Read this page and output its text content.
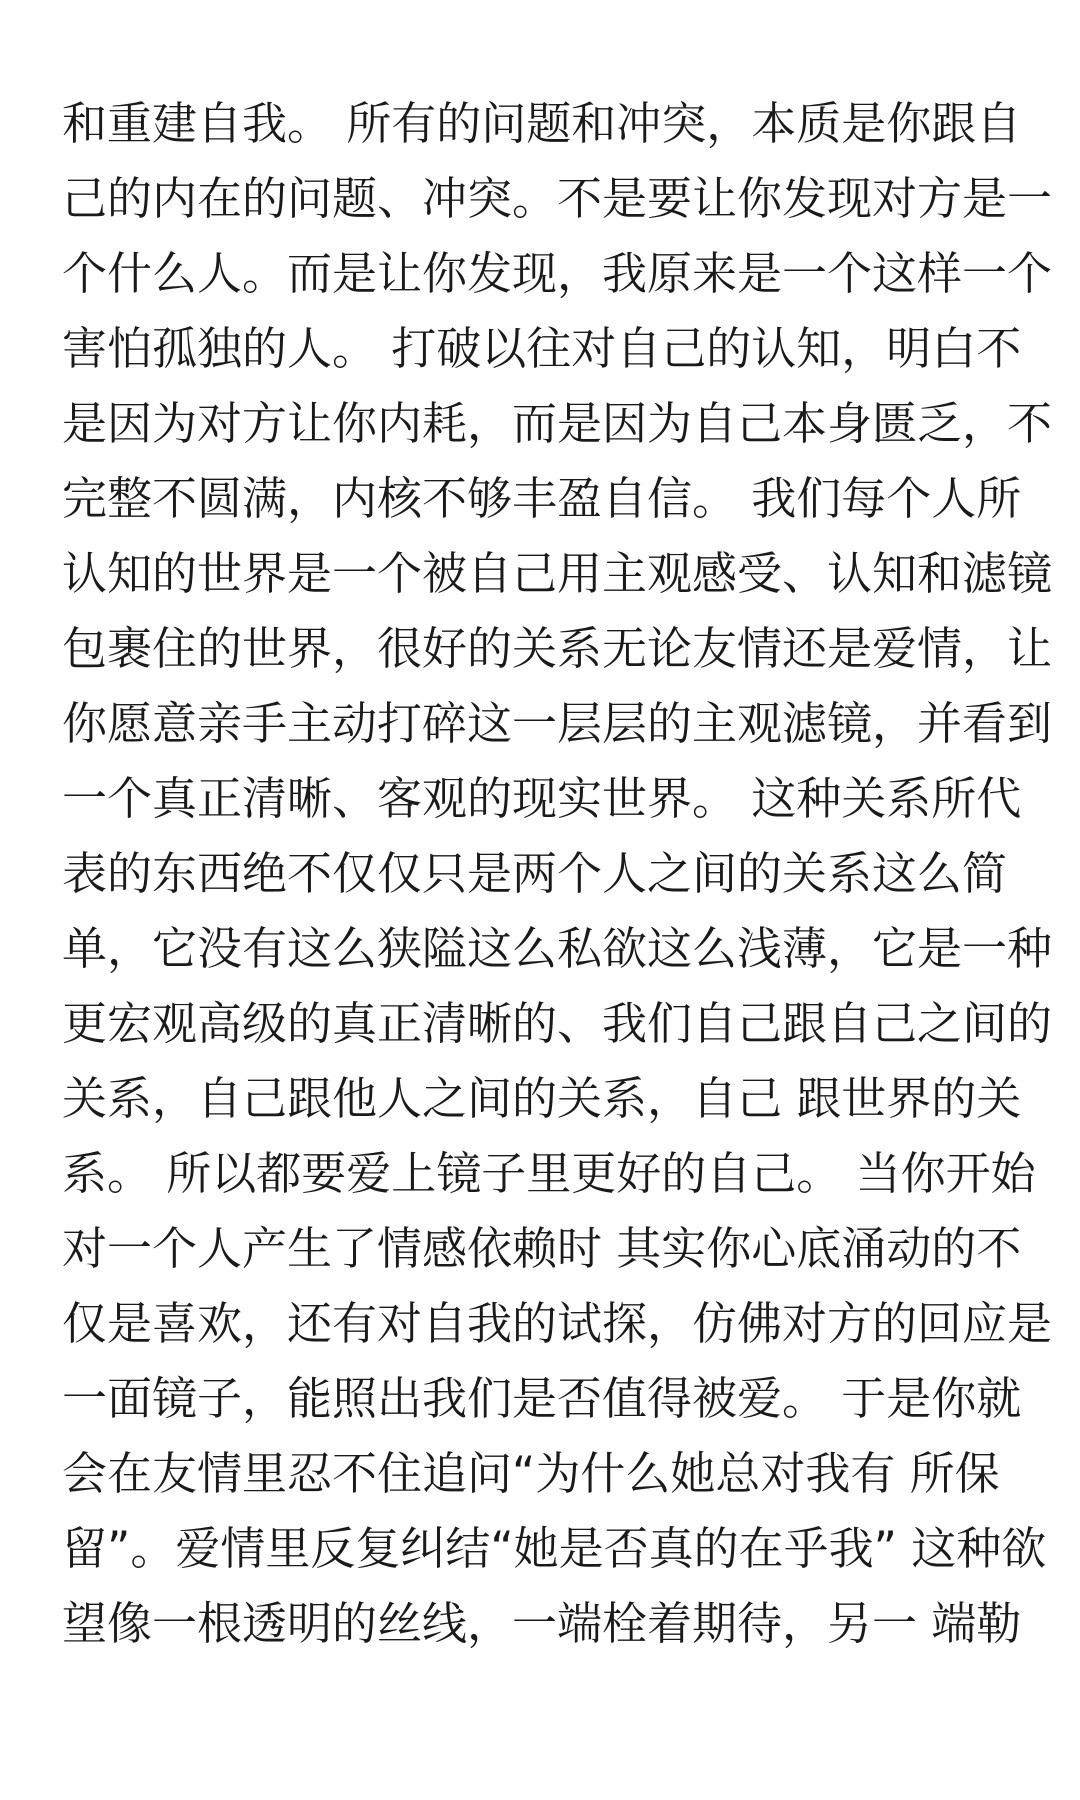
和重建自我。 所有的问题和冲突，本质是你跟自
己的内在的问题、冲突。不是要让你发现对方是一
个什么人。而是让你发现，我原来是一个这样一个
害怕孤独的人。 打破以往对自己的认知，明白不
是因为对方让你内耗，而是因为自己本身匮乏，不
完整不圆满，内核不够丰盈自信。 我们每个人所
认知的世界是一个被自己用主观感受、认知和滤镜
包裹住的世界，很好的关系无论友情还是爱情，让
你愿意亲手主动打碎这一层层的主观滤镜，并看到
一个真正清晰、客观的现实世界。 这种关系所代
表的东西绝不仅仅只是两个人之间的关系这么简
单，它没有这么狭隘这么私欲这么浅薄，它是一种
更宏观高级的真正清晰的、我们自己跟自己之间的
关系，自己跟他人之间的关系，自己 跟世界的关
系。 所以都要爱上镜子里更好的自己。 当你开始
对一个人产生了情感依赖时 其实你心底涌动的不
仅是喜欢，还有对自我的试探，仿佛对方的回应是
一面镜子，能照出我们是否值得被爱。 于是你就
会在友情里忍不住追问“为什么她总对我有 所保
留”。爱情里反复纠结“她是否真的在乎我” 这种欲
望像一根透明的丝线，一端栓着期待，另一 端勒
